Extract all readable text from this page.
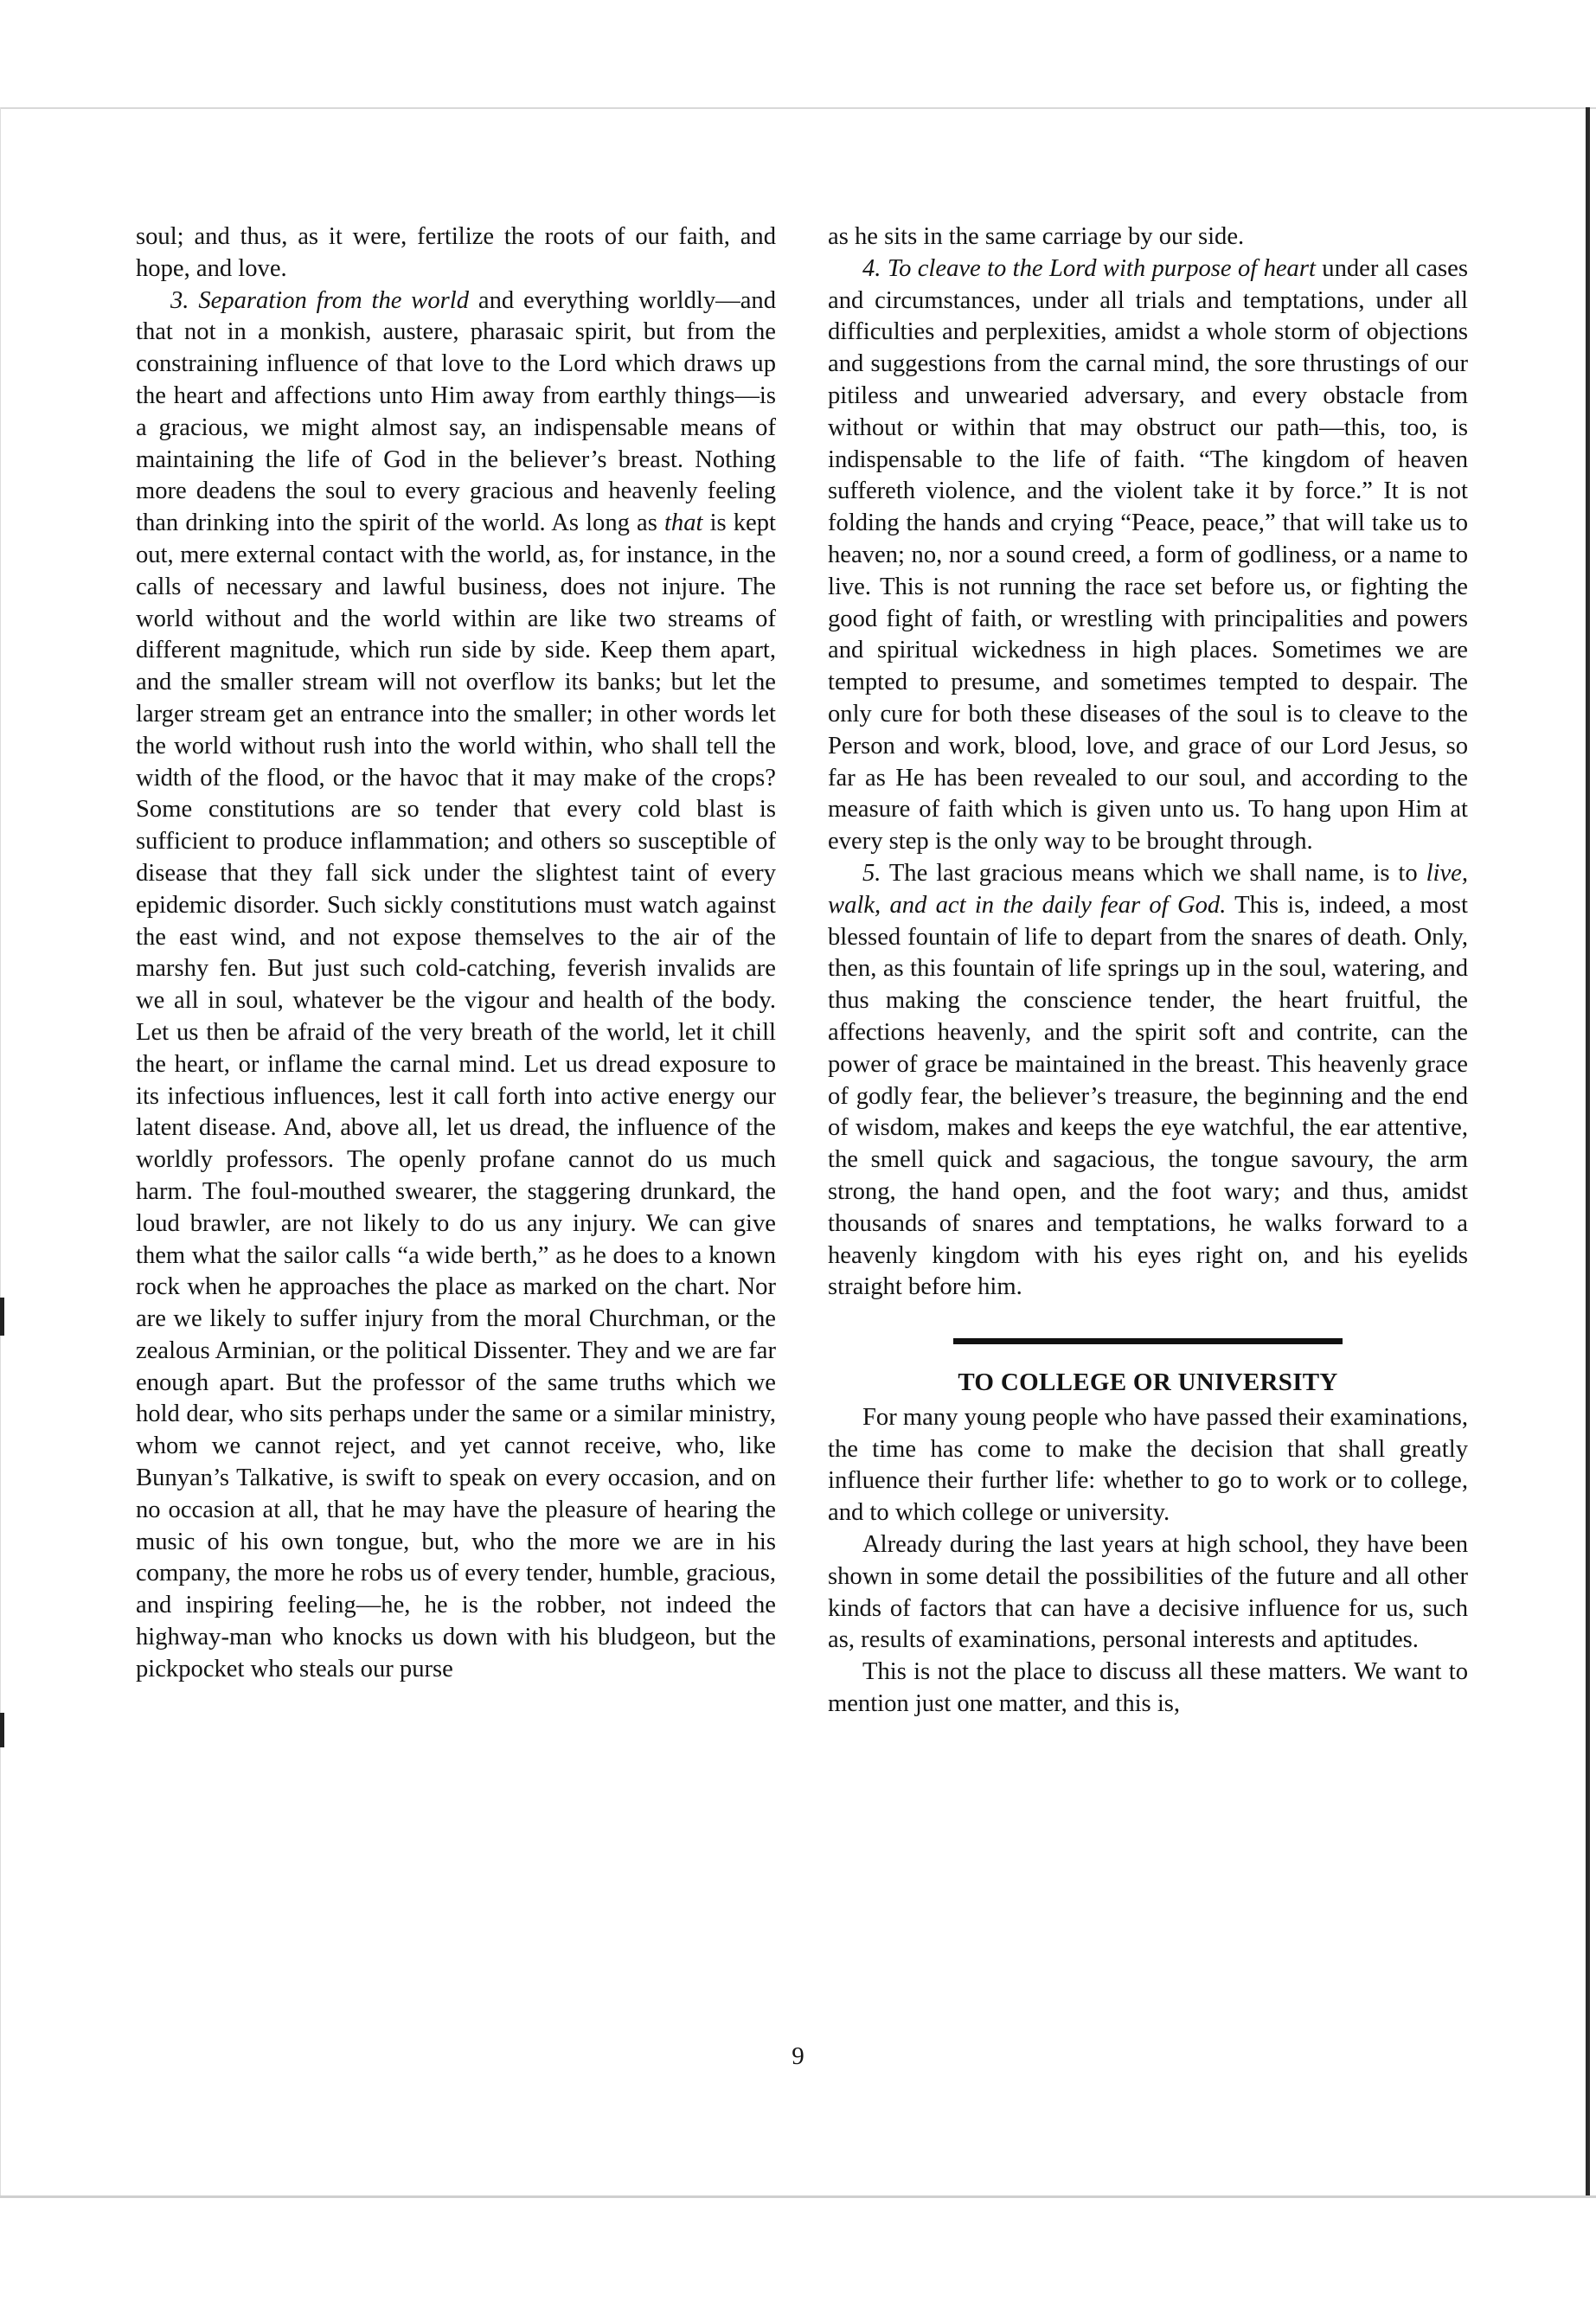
soul; and thus, as it were, fertilize the roots of our faith, and hope, and love.

3. Separation from the world and everything worldly—and that not in a monkish, austere, pharasaic spirit, but from the constraining influence of that love to the Lord which draws up the heart and affections unto Him away from earthly things—is a gracious, we might almost say, an indispensable means of maintaining the life of God in the believer’s breast. Nothing more deadens the soul to every gracious and heavenly feeling than drinking into the spirit of the world. As long as that is kept out, mere external contact with the world, as, for instance, in the calls of necessary and lawful business, does not injure. The world without and the world within are like two streams of different magnitude, which run side by side. Keep them apart, and the smaller stream will not overflow its banks; but let the larger stream get an entrance into the smaller; in other words let the world without rush into the world within, who shall tell the width of the flood, or the havoc that it may make of the crops? Some constitutions are so tender that every cold blast is sufficient to produce inflammation; and others so susceptible of disease that they fall sick under the slightest taint of every epidemic disorder. Such sickly constitutions must watch against the east wind, and not expose themselves to the air of the marshy fen. But just such cold-catching, feverish invalids are we all in soul, whatever be the vigour and health of the body. Let us then be afraid of the very breath of the world, let it chill the heart, or inflame the carnal mind. Let us dread exposure to its infectious influences, lest it call forth into active energy our latent disease. And, above all, let us dread, the influence of the worldly professors. The openly profane cannot do us much harm. The foul-mouthed swearer, the staggering drunkard, the loud brawler, are not likely to do us any injury. We can give them what the sailor calls “a wide berth,” as he does to a known rock when he approaches the place as marked on the chart. Nor are we likely to suffer injury from the moral Churchman, or the zealous Arminian, or the political Dissenter. They and we are far enough apart. But the professor of the same truths which we hold dear, who sits perhaps under the same or a similar ministry, whom we cannot reject, and yet cannot receive, who, like Bunyan’s Talkative, is swift to speak on every occasion, and on no occasion at all, that he may have the pleasure of hearing the music of his own tongue, but, who the more we are in his company, the more he robs us of every tender, humble, gracious, and inspiring feeling—he, he is the robber, not indeed the highway-man who knocks us down with his bludgeon, but the pickpocket who steals our purse

as he sits in the same carriage by our side.

4. To cleave to the Lord with purpose of heart under all cases and circumstances, under all trials and temptations, under all difficulties and perplexities, amidst a whole storm of objections and suggestions from the carnal mind, the sore thrustings of our pitiless and unwearied adversary, and every obstacle from without or within that may obstruct our path—this, too, is indispensable to the life of faith. “The kingdom of heaven suffereth violence, and the violent take it by force.” It is not folding the hands and crying “Peace, peace,” that will take us to heaven; no, nor a sound creed, a form of godliness, or a name to live. This is not running the race set before us, or fighting the good fight of faith, or wrestling with principalities and powers and spiritual wickedness in high places. Sometimes we are tempted to presume, and sometimes tempted to despair. The only cure for both these diseases of the soul is to cleave to the Person and work, blood, love, and grace of our Lord Jesus, so far as He has been revealed to our soul, and according to the measure of faith which is given unto us. To hang upon Him at every step is the only way to be brought through.

5. The last gracious means which we shall name, is to live, walk, and act in the daily fear of God. This is, indeed, a most blessed fountain of life to depart from the snares of death. Only, then, as this fountain of life springs up in the soul, watering, and thus making the conscience tender, the heart fruitful, the affections heavenly, and the spirit soft and contrite, can the power of grace be maintained in the breast. This heavenly grace of godly fear, the believer’s treasure, the beginning and the end of wisdom, makes and keeps the eye watchful, the ear attentive, the smell quick and sagacious, the tongue savoury, the arm strong, the hand open, and the foot wary; and thus, amidst thousands of snares and temptations, he walks forward to a heavenly kingdom with his eyes right on, and his eyelids straight before him.

TO COLLEGE OR UNIVERSITY

For many young people who have passed their examinations, the time has come to make the decision that shall greatly influence their further life: whether to go to work or to college, and to which college or university.

Already during the last years at high school, they have been shown in some detail the possibilities of the future and all other kinds of factors that can have a decisive influence for us, such as, results of examinations, personal interests and aptitudes.

This is not the place to discuss all these matters. We want to mention just one matter, and this is,

9
